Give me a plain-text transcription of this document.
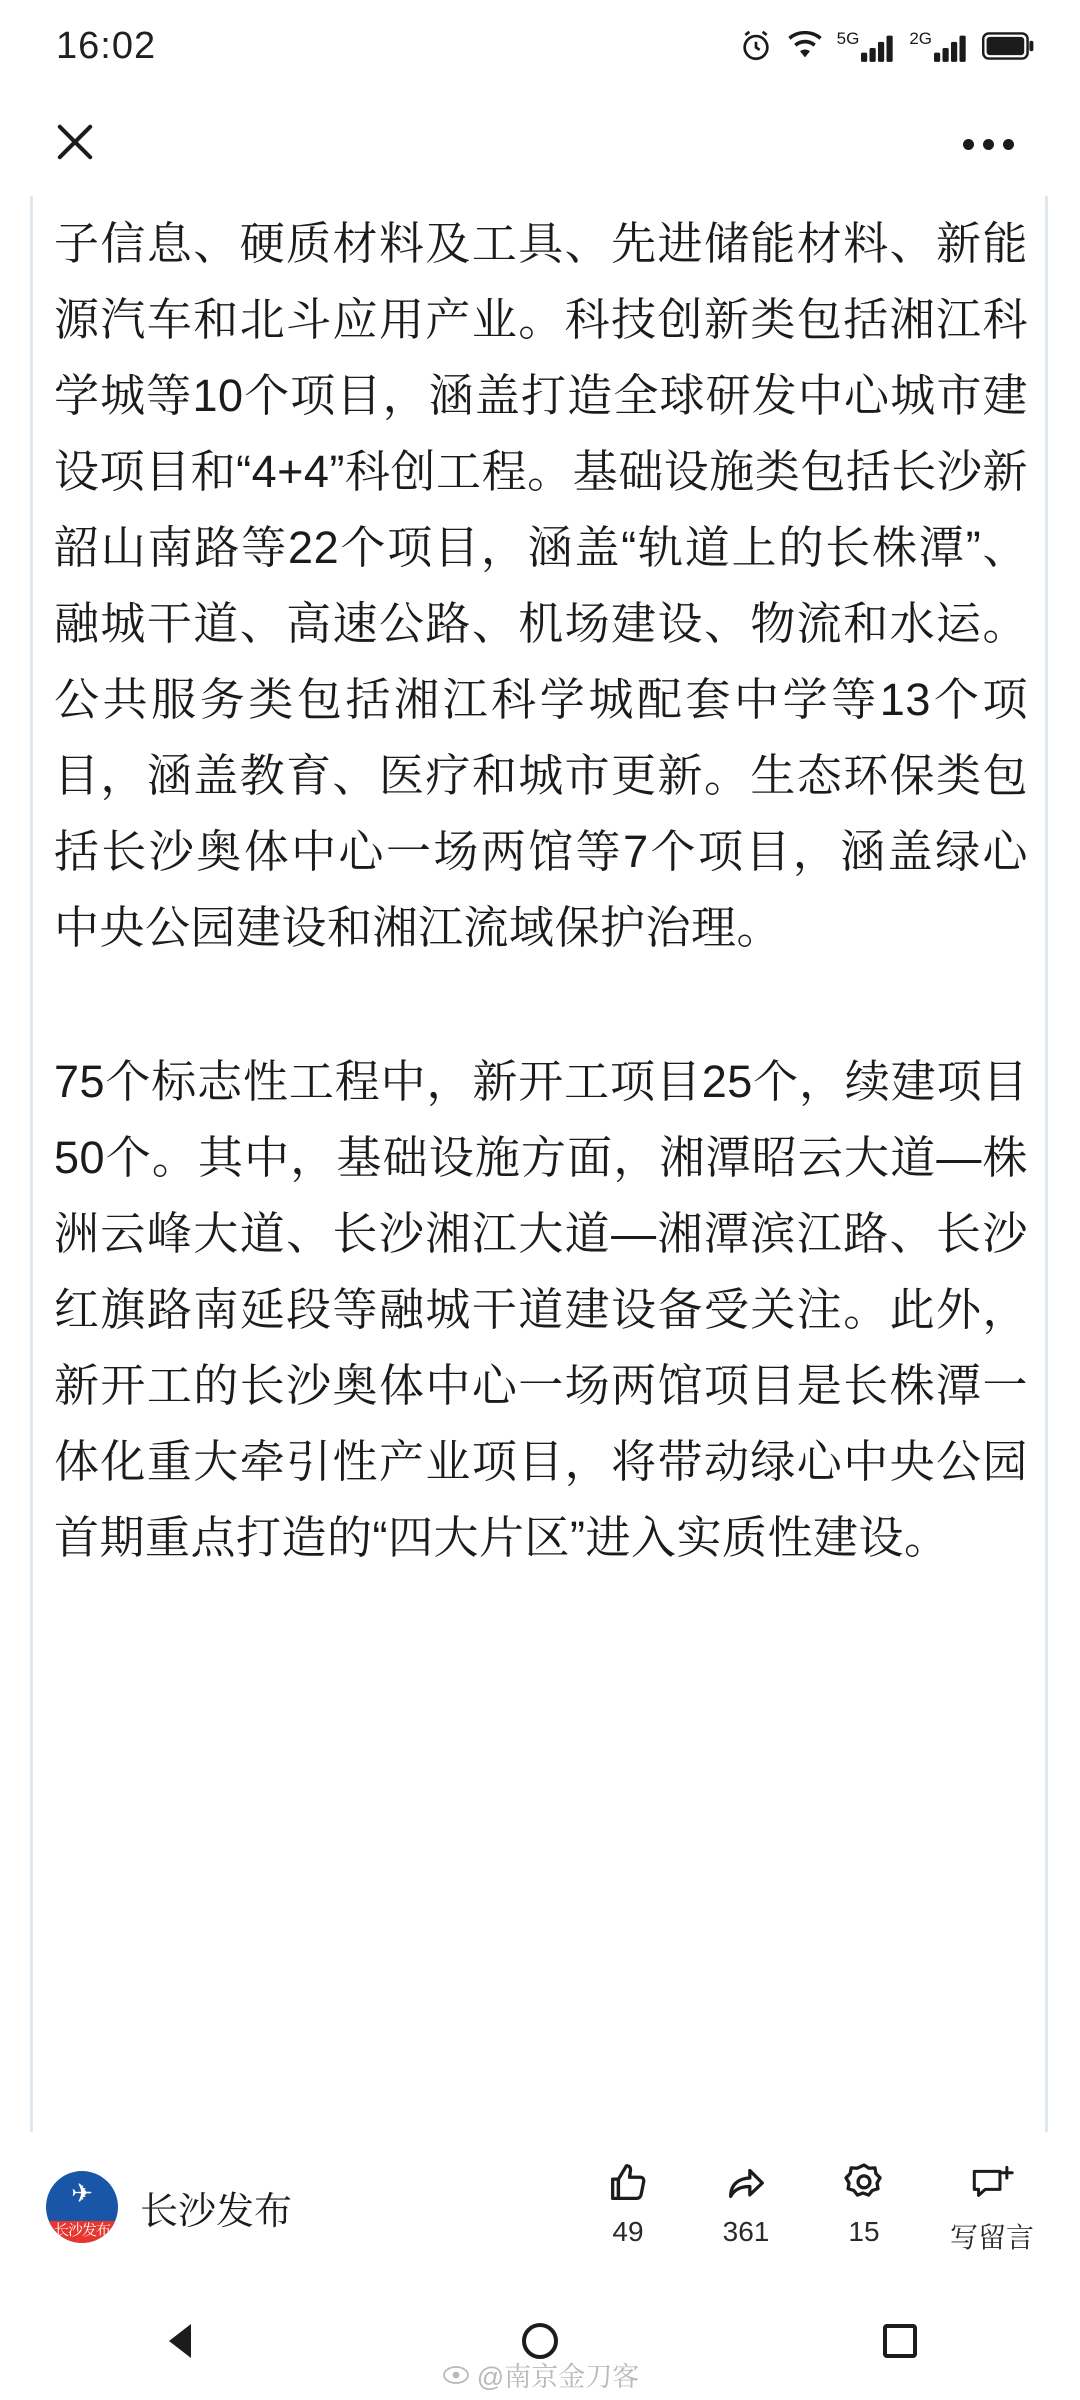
16:02	5G	2G

子信息、硬质材料及工具、先进储能材料、新能源汽车和北斗应用产业。科技创新类包括湘江科学城等10个项目，涵盖打造全球研发中心城市建设项目和“4+4”科创工程。基础设施类包括长沙新韶山南路等22个项目，涵盖“轨道上的长株潭”、融城干道、高速公路、机场建设、物流和水运。公共服务类包括湘江科学城配套中学等13个项目，涵盖教育、医疗和城市更新。生态环保类包括长沙奥体中心一场两馆等7个项目，涵盖绿心中央公园建设和湘江流域保护治理。

75个标志性工程中，新开工项目25个，续建项目50个。其中，基础设施方面，湘潭昭云大道—株洲云峰大道、长沙湘江大道—湘潭滨江路、长沙红旗路南延段等融城干道建设备受关注。此外，新开工的长沙奥体中心一场两馆项目是长株潭一体化重大牵引性产业项目，将带动绿心中央公园首期重点打造的“四大片区”进入实质性建设。

✈
长沙发布 长沙发布	49	361	15	写留言
@南京金刀客
